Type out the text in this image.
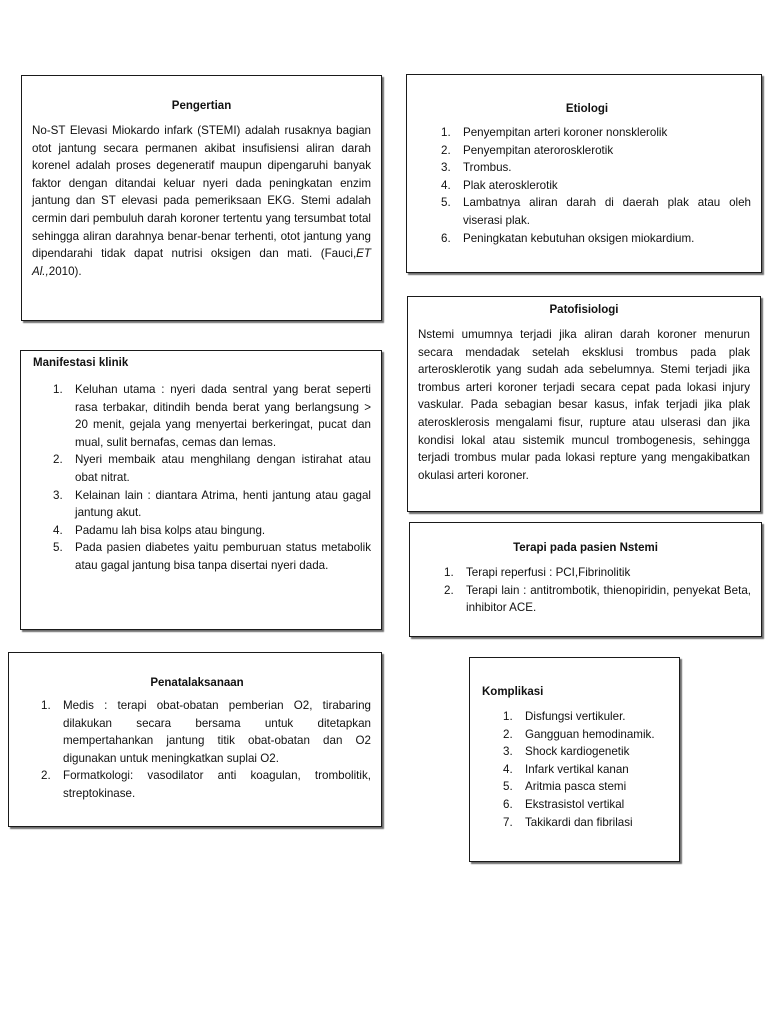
Pengertian

No-ST Elevasi Miokardo infark (STEMI) adalah rusaknya bagian otot jantung secara permanen akibat insufisiensi aliran darah korenel adalah proses degeneratif maupun dipengaruhi banyak faktor dengan ditandai keluar nyeri dada peningkatan enzim jantung dan ST elevasi pada pemeriksaan EKG. Stemi adalah cermin dari pembuluh darah koroner tertentu yang tersumbat total sehingga aliran darahnya benar-benar terhenti, otot jantung yang dipendarahi tidak dapat nutrisi oksigen dan mati. (Fauci,ET Al.,2010).

Etiologi
1. Penyempitan arteri koroner nonsklerolik
2. Penyempitan aterorosklerotik
3. Trombus.
4. Plak aterosklerotik
5. Lambatnya aliran darah di daerah plak atau oleh viserasi plak.
6. Peningkatan kebutuhan oksigen miokardium.
Patofisiologi

Nstemi umumnya terjadi jika aliran darah koroner menurun secara mendadak setelah eksklusi trombus pada plak arterosklerotik yang sudah ada sebelumnya. Stemi terjadi jika trombus arteri koroner terjadi secara cepat pada lokasi injury vaskular. Pada sebagian besar kasus, infak terjadi jika plak aterosklerosis mengalami fisur, rupture atau ulserasi dan jika kondisi lokal atau sistemik muncul trombogenesis, sehingga terjadi trombus mular pada lokasi repture yang mengakibatkan okulasi arteri koroner.

Manifestasi klinik
1. Keluhan utama : nyeri dada sentral yang berat seperti rasa terbakar, ditindih benda berat yang berlangsung > 20 menit, gejala yang menyertai berkeringat, pucat dan mual, sulit bernafas, cemas dan lemas.
2. Nyeri membaik atau menghilang dengan istirahat atau obat nitrat.
3. Kelainan lain : diantara Atrima, henti jantung atau gagal jantung akut.
4. Padamu lah bisa kolps atau bingung.
5. Pada pasien diabetes yaitu pemburuan status metabolik atau gagal jantung bisa tanpa disertai nyeri dada.
Terapi pada pasien Nstemi
1. Terapi reperfusi : PCI,Fibrinolitik
2. Terapi lain : antitrombotik, thienopiridin, penyekat Beta, inhibitor ACE.
Penatalaksanaan
1. Medis : terapi obat-obatan pemberian O2, tirabaring dilakukan secara bersama untuk ditetapkan mempertahankan jantung titik obat-obatan dan O2 digunakan untuk meningkatkan suplai O2.
2. Formatkologi: vasodilator anti koagulan, trombolitik, streptokinase.
Komplikasi
1. Disfungsi vertikuler.
2. Gangguan hemodinamik.
3. Shock kardiogenetik
4. Infark vertikal kanan
5. Aritmia pasca stemi
6. Ekstrasistol vertikal
7. Takikardi dan fibrilasi
